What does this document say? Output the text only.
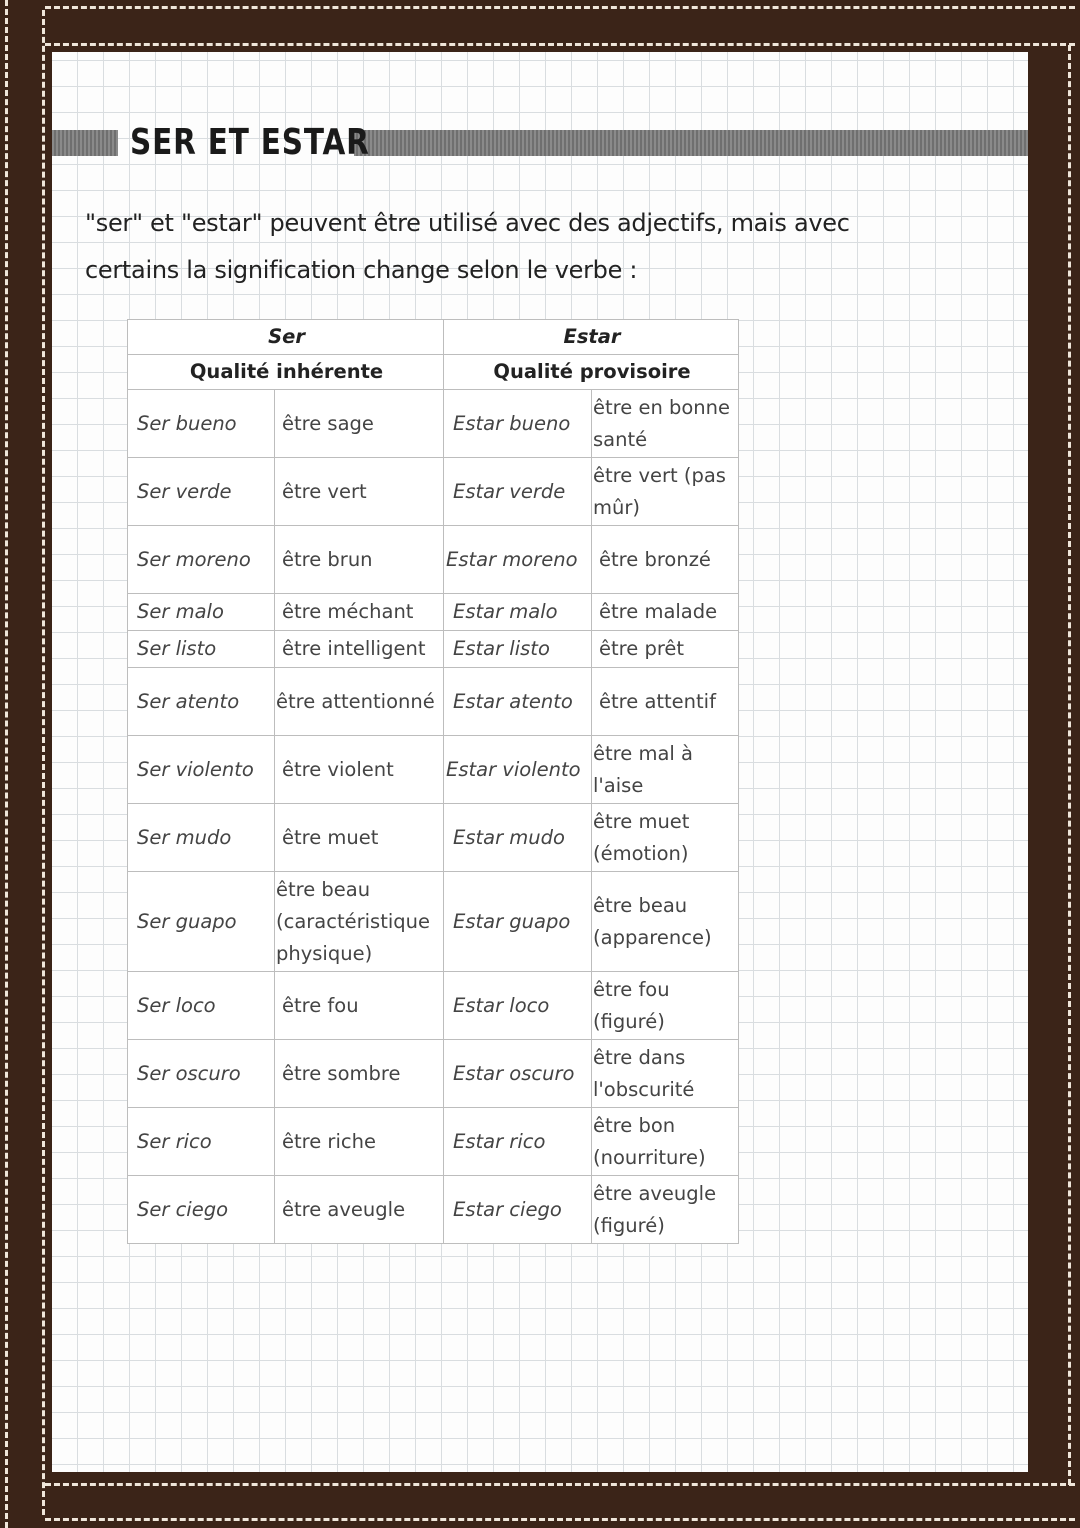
SER ET ESTAR
"ser" et "estar" peuvent être utilisé avec des adjectifs, mais avec
certains la signification change selon le verbe :
Ser		Estar	
Qualité inhérente		Qualité provisoire	
Ser bueno	être sage	Estar bueno	être en bonne santé
Ser verde	être vert	Estar verde	être vert (pas mûr)
Ser moreno	être brun	Estar moreno	être bronzé
Ser malo	être méchant	Estar malo	être malade
Ser listo	être intelligent	Estar listo	être prêt
Ser atento	être attentionné	Estar atento	être attentif
Ser violento	être violent	Estar violento	être mal à l'aise
Ser mudo	être muet	Estar mudo	être muet (émotion)
Ser guapo	être beau (caractéristique physique)	Estar guapo	être beau (apparence)
Ser loco	être fou	Estar loco	être fou (figuré)
Ser oscuro	être sombre	Estar oscuro	être dans l'obscurité
Ser rico	être riche	Estar rico	être bon (nourriture)
Ser ciego	être aveugle	Estar ciego	être aveugle (figuré)
